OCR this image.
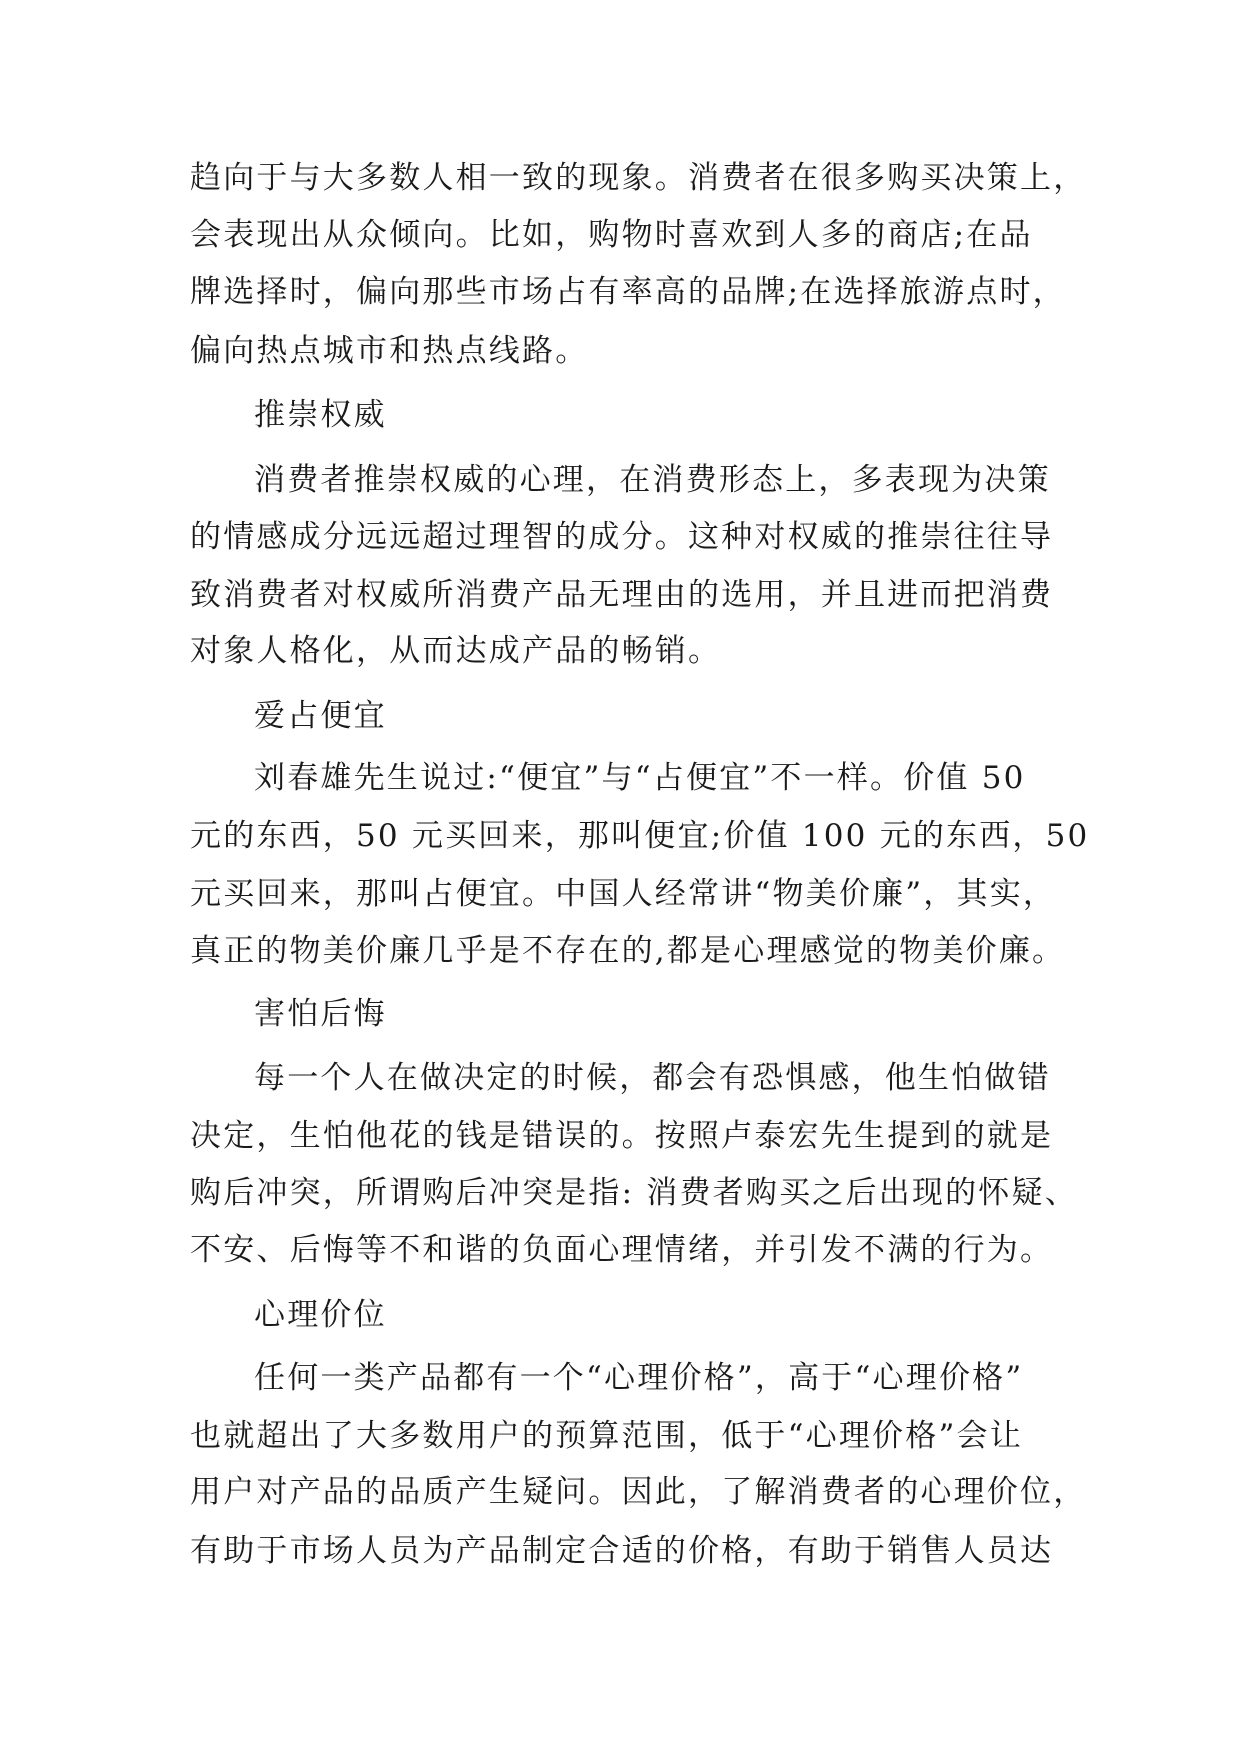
趋向于与大多数人相一致的现象。消费者在很多购买决策上，
会表现出从众倾向。比如，购物时喜欢到人多的商店;在品
牌选择时，偏向那些市场占有率高的品牌;在选择旅游点时，
偏向热点城市和热点线路。
推崇权威
消费者推崇权威的心理，在消费形态上，多表现为决策
的情感成分远远超过理智的成分。这种对权威的推崇往往导
致消费者对权威所消费产品无理由的选用，并且进而把消费
对象人格化，从而达成产品的畅销。
爱占便宜
刘春雄先生说过:“便宜”与“占便宜”不一样。价值 50
元的东西，50 元买回来，那叫便宜;价值 100 元的东西，50
元买回来，那叫占便宜。中国人经常讲“物美价廉”，其实，
真正的物美价廉几乎是不存在的,都是心理感觉的物美价廉。
害怕后悔
每一个人在做决定的时候，都会有恐惧感，他生怕做错
决定，生怕他花的钱是错误的。按照卢泰宏先生提到的就是
购后冲突，所谓购后冲突是指: 消费者购买之后出现的怀疑、
不安、后悔等不和谐的负面心理情绪，并引发不满的行为。
心理价位
任何一类产品都有一个“心理价格”，高于“心理价格”
也就超出了大多数用户的预算范围，低于“心理价格”会让
用户对产品的品质产生疑问。因此，了解消费者的心理价位，
有助于市场人员为产品制定合适的价格，有助于销售人员达
